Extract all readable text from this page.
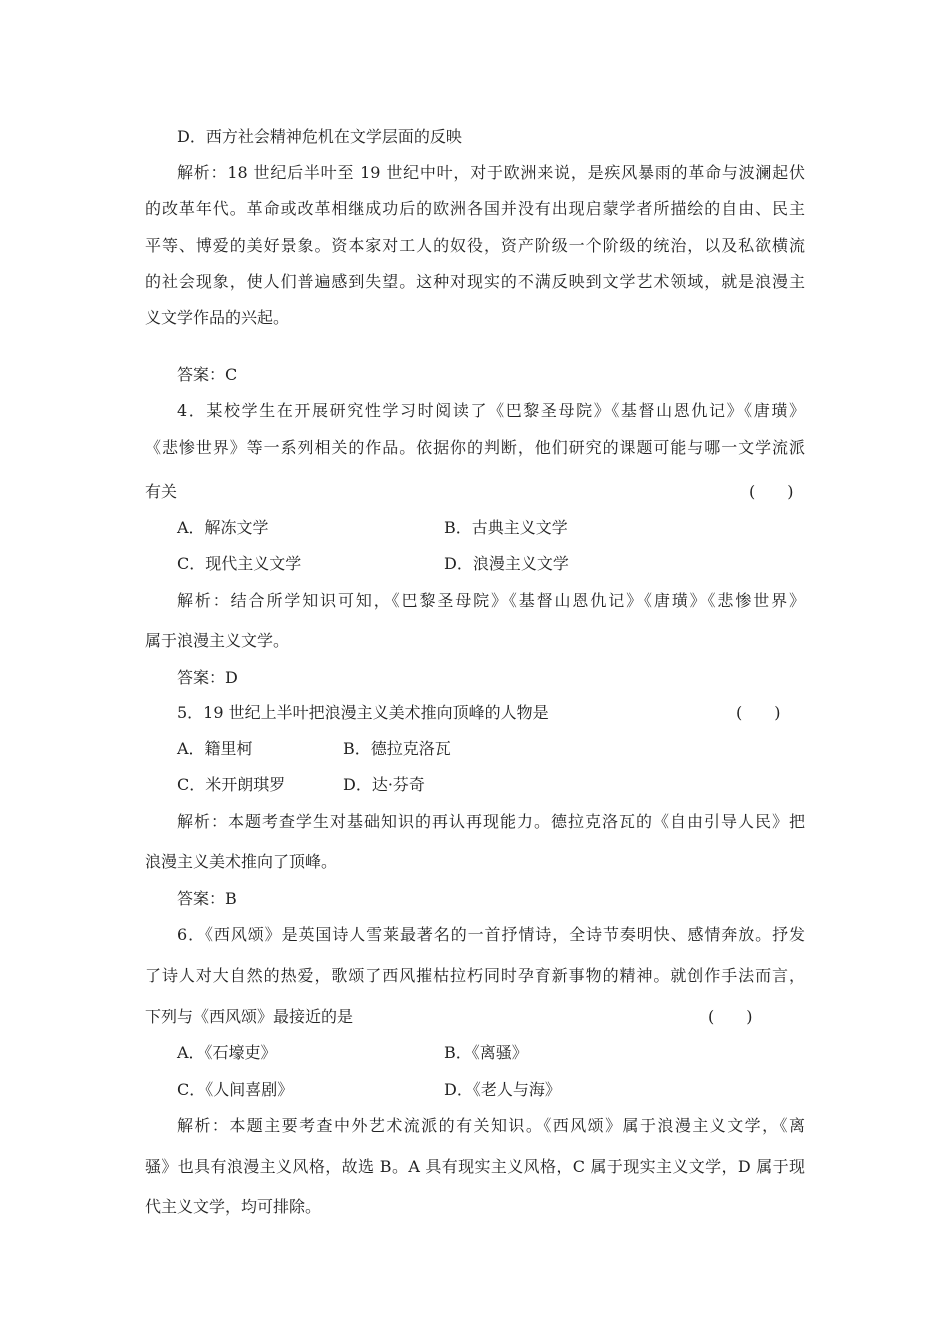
D．西方社会精神危机在文学层面的反映
解析：18 世纪后半叶至 19 世纪中叶，对于欧洲来说，是疾风暴雨的革命与波澜起伏
的改革年代。革命或改革相继成功后的欧洲各国并没有出现启蒙学者所描绘的自由、民主
平等、博爱的美好景象。资本家对工人的奴役，资产阶级一个阶级的统治，以及私欲横流
的社会现象，使人们普遍感到失望。这种对现实的不满反映到文学艺术领域，就是浪漫主
义文学作品的兴起。
答案：C
4．某校学生在开展研究性学习时阅读了《巴黎圣母院》《基督山恩仇记》《唐璜》
《悲惨世界》等一系列相关的作品。依据你的判断，他们研究的课题可能与哪一文学流派
有关	(　　)
A．解冻文学	B．古典主义文学
C．现代主义文学	D．浪漫主义文学
解析：结合所学知识可知，《巴黎圣母院》《基督山恩仇记》《唐璜》《悲惨世界》
属于浪漫主义文学。
答案：D
5．19 世纪上半叶把浪漫主义美术推向顶峰的人物是	(　　)
A．籍里柯	B．德拉克洛瓦
C．米开朗琪罗	D．达·芬奇
解析：本题考查学生对基础知识的再认再现能力。德拉克洛瓦的《自由引导人民》把
浪漫主义美术推向了顶峰。
答案：B
6．《西风颂》是英国诗人雪莱最著名的一首抒情诗，全诗节奏明快、感情奔放。抒发
了诗人对大自然的热爱，歌颂了西风摧枯拉朽同时孕育新事物的精神。就创作手法而言，
下列与《西风颂》最接近的是	(　　)
A．《石壕吏》	B．《离骚》
C．《人间喜剧》	D．《老人与海》
解析：本题主要考查中外艺术流派的有关知识。《西风颂》属于浪漫主义文学，《离
骚》也具有浪漫主义风格，故选 B。A 具有现实主义风格，C 属于现实主义文学，D 属于现
代主义文学，均可排除。
